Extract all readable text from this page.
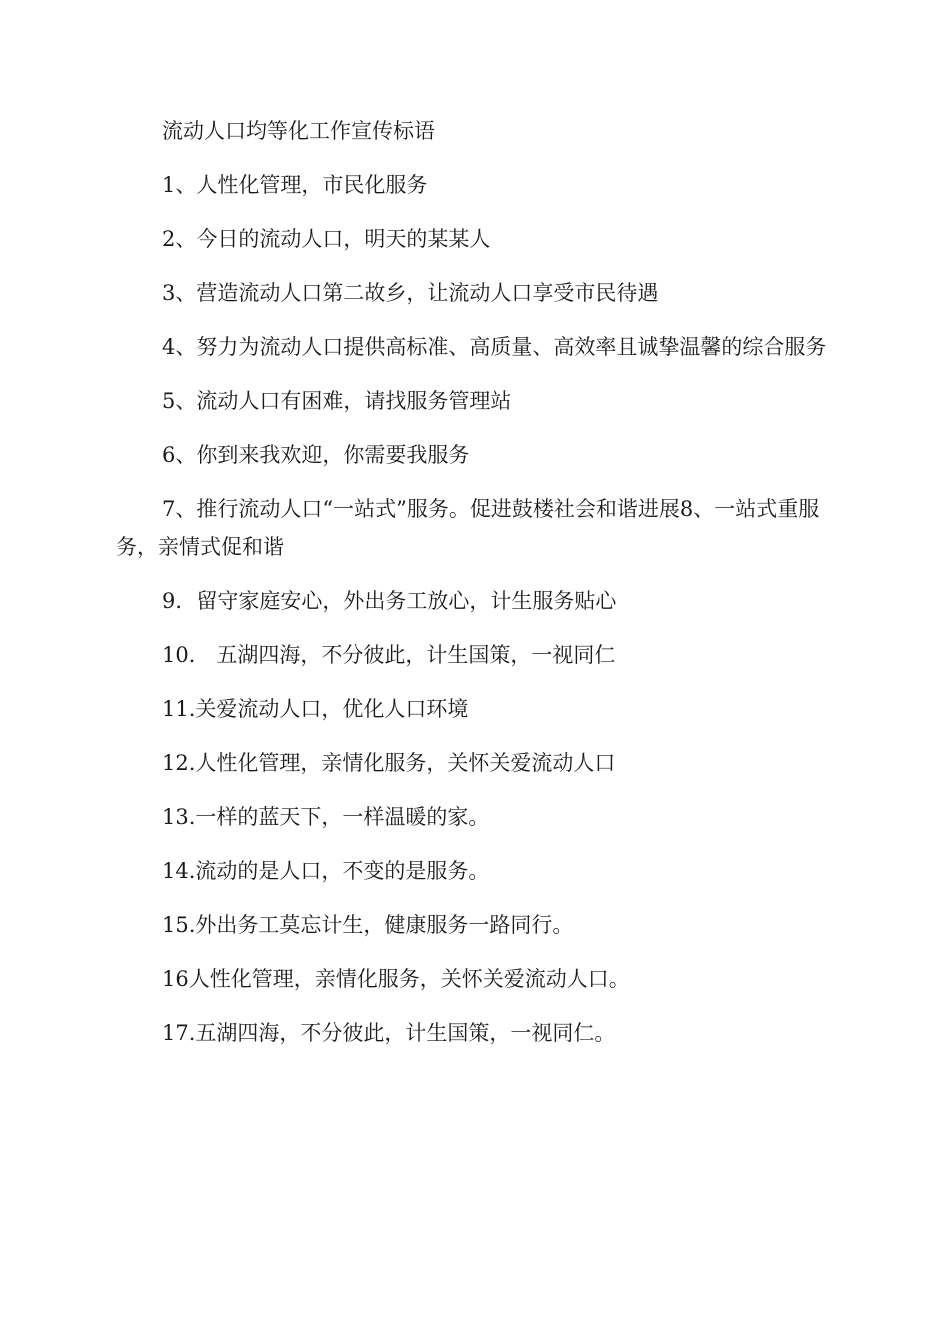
流动人口均等化工作宣传标语

1、人性化管理，市民化服务

2、今日的流动人口，明天的某某人

3、营造流动人口第二故乡，让流动人口享受市民待遇

4、努力为流动人口提供高标准、高质量、高效率且诚挚温馨的综合服务

5、流动人口有困难，请找服务管理站

6、你到来我欢迎，你需要我服务

7、推行流动人口“一站式”服务。促进鼓楼社会和谐进展8、一站式重服务，亲情式促和谐

9．留守家庭安心，外出务工放心，计生服务贴心

10． 五湖四海，不分彼此，计生国策，一视同仁

11.关爱流动人口，优化人口环境

12.人性化管理，亲情化服务，关怀关爱流动人口

13.一样的蓝天下，一样温暖的家。

14.流动的是人口，不变的是服务。

15.外出务工莫忘计生，健康服务一路同行。

16人性化管理，亲情化服务，关怀关爱流动人口。

17.五湖四海，不分彼此，计生国策，一视同仁。
